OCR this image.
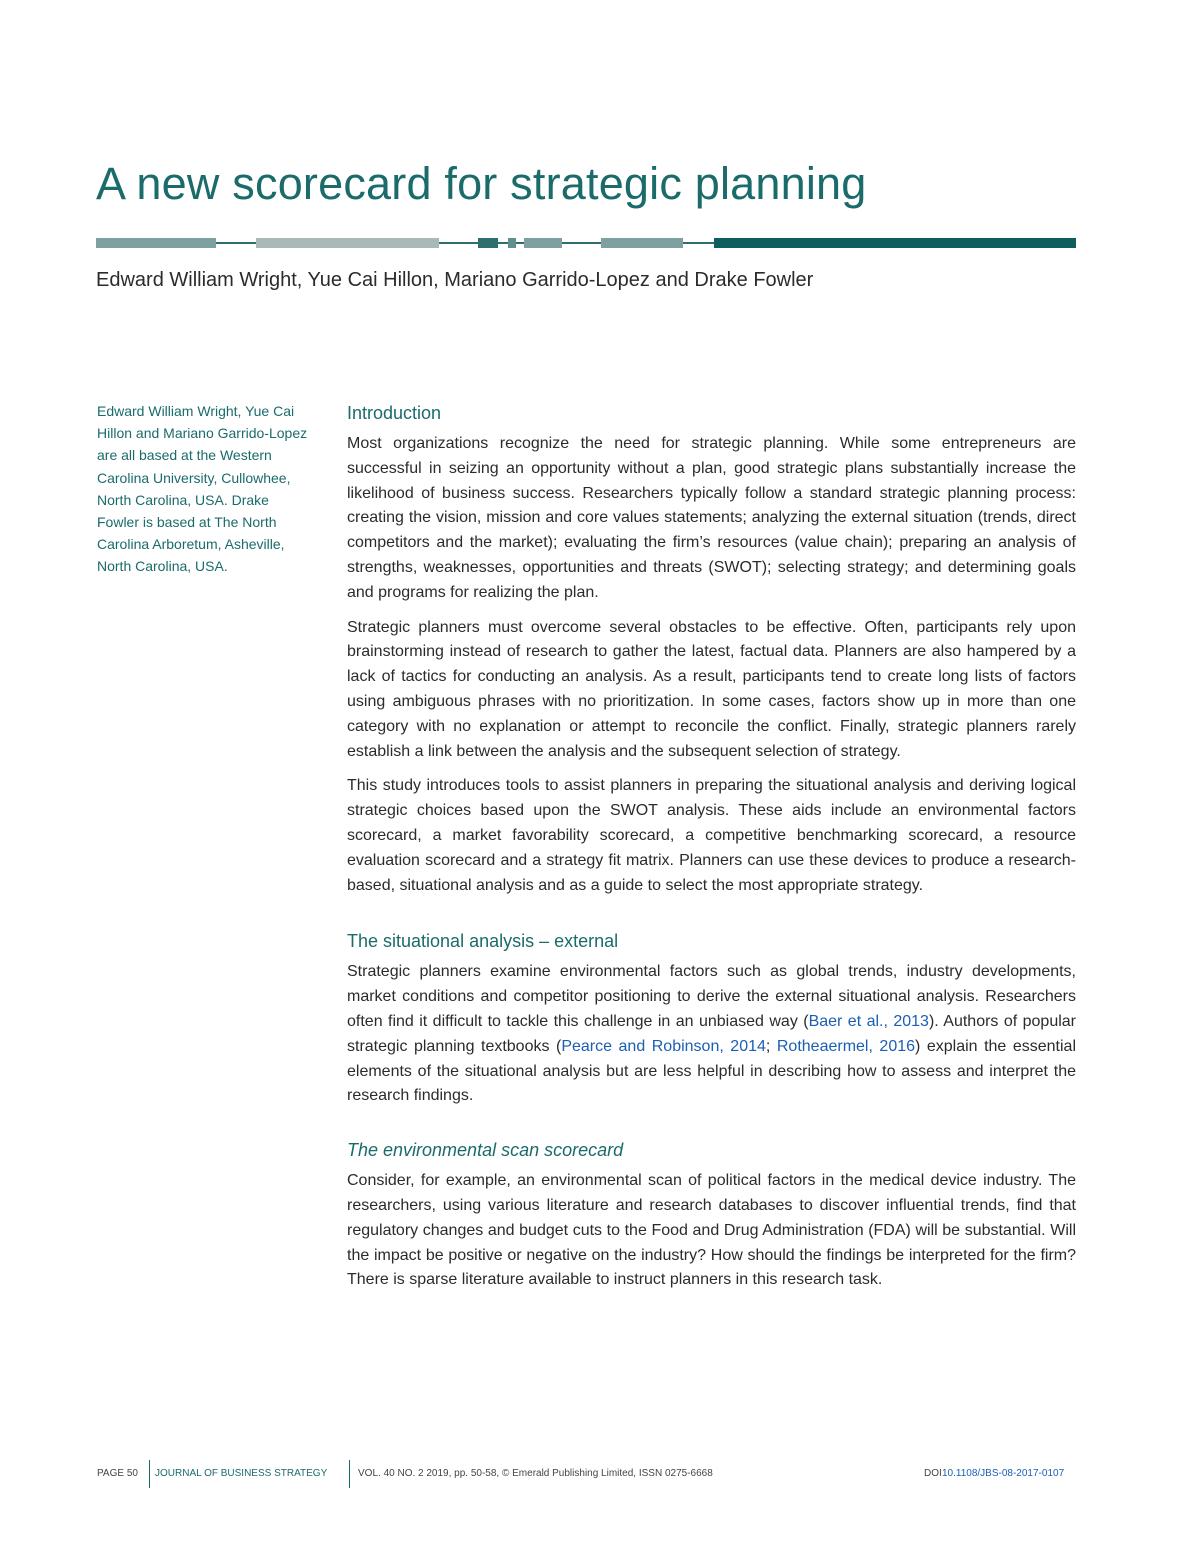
A new scorecard for strategic planning

Edward William Wright, Yue Cai Hillon, Mariano Garrido-Lopez and Drake Fowler

Edward William Wright, Yue Cai Hillon and Mariano Garrido-Lopez are all based at the Western Carolina University, Cullowhee, North Carolina, USA. Drake Fowler is based at The North Carolina Arboretum, Asheville, North Carolina, USA.
Introduction

Most organizations recognize the need for strategic planning. While some entrepreneurs are successful in seizing an opportunity without a plan, good strategic plans substantially increase the likelihood of business success. Researchers typically follow a standard strategic planning process: creating the vision, mission and core values statements; analyzing the external situation (trends, direct competitors and the market); evaluating the firm’s resources (value chain); preparing an analysis of strengths, weaknesses, opportunities and threats (SWOT); selecting strategy; and determining goals and programs for realizing the plan.

Strategic planners must overcome several obstacles to be effective. Often, participants rely upon brainstorming instead of research to gather the latest, factual data. Planners are also hampered by a lack of tactics for conducting an analysis. As a result, participants tend to create long lists of factors using ambiguous phrases with no prioritization. In some cases, factors show up in more than one category with no explanation or attempt to reconcile the conflict. Finally, strategic planners rarely establish a link between the analysis and the subsequent selection of strategy.

This study introduces tools to assist planners in preparing the situational analysis and deriving logical strategic choices based upon the SWOT analysis. These aids include an environmental factors scorecard, a market favorability scorecard, a competitive benchmarking scorecard, a resource evaluation scorecard and a strategy fit matrix. Planners can use these devices to produce a research-based, situational analysis and as a guide to select the most appropriate strategy.

The situational analysis – external

Strategic planners examine environmental factors such as global trends, industry developments, market conditions and competitor positioning to derive the external situational analysis. Researchers often find it difficult to tackle this challenge in an unbiased way (Baer et al., 2013). Authors of popular strategic planning textbooks (Pearce and Robinson, 2014; Rotheaermel, 2016) explain the essential elements of the situational analysis but are less helpful in describing how to assess and interpret the research findings.

The environmental scan scorecard

Consider, for example, an environmental scan of political factors in the medical device industry. The researchers, using various literature and research databases to discover influential trends, find that regulatory changes and budget cuts to the Food and Drug Administration (FDA) will be substantial. Will the impact be positive or negative on the industry? How should the findings be interpreted for the firm? There is sparse literature available to instruct planners in this research task.

PAGE 50 JOURNAL OF BUSINESS STRATEGY	VOL. 40 NO. 2 2019, pp. 50-58, © Emerald Publishing Limited, ISSN 0275-6668	DOI 10.1108/JBS-08-2017-0107
